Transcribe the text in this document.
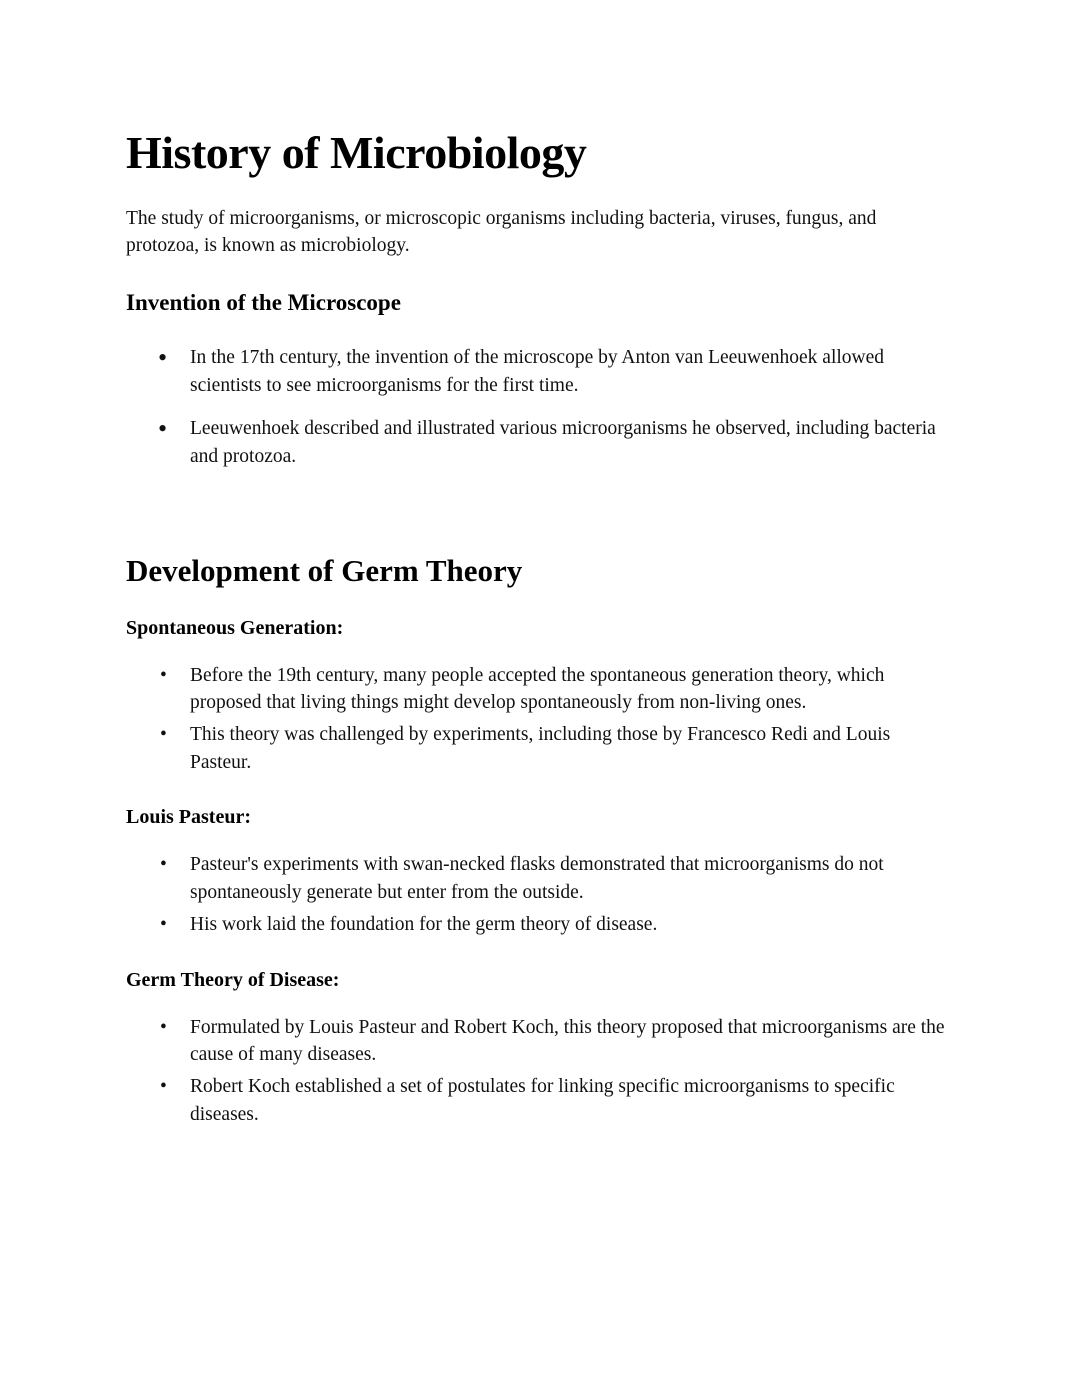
History of Microbiology

The study of microorganisms, or microscopic organisms including bacteria, viruses, fungus, and protozoa, is known as microbiology.

Invention of the Microscope
• In the 17th century, the invention of the microscope by Anton van Leeuwenhoek allowed scientists to see microorganisms for the first time.
• Leeuwenhoek described and illustrated various microorganisms he observed, including bacteria and protozoa.
Development of Germ Theory
Spontaneous Generation:
• Before the 19th century, many people accepted the spontaneous generation theory, which proposed that living things might develop spontaneously from non-living ones.
• This theory was challenged by experiments, including those by Francesco Redi and Louis Pasteur.
Louis Pasteur:
• Pasteur's experiments with swan-necked flasks demonstrated that microorganisms do not spontaneously generate but enter from the outside.
• His work laid the foundation for the germ theory of disease.
Germ Theory of Disease:
• Formulated by Louis Pasteur and Robert Koch, this theory proposed that microorganisms are the cause of many diseases.
• Robert Koch established a set of postulates for linking specific microorganisms to specific diseases.
